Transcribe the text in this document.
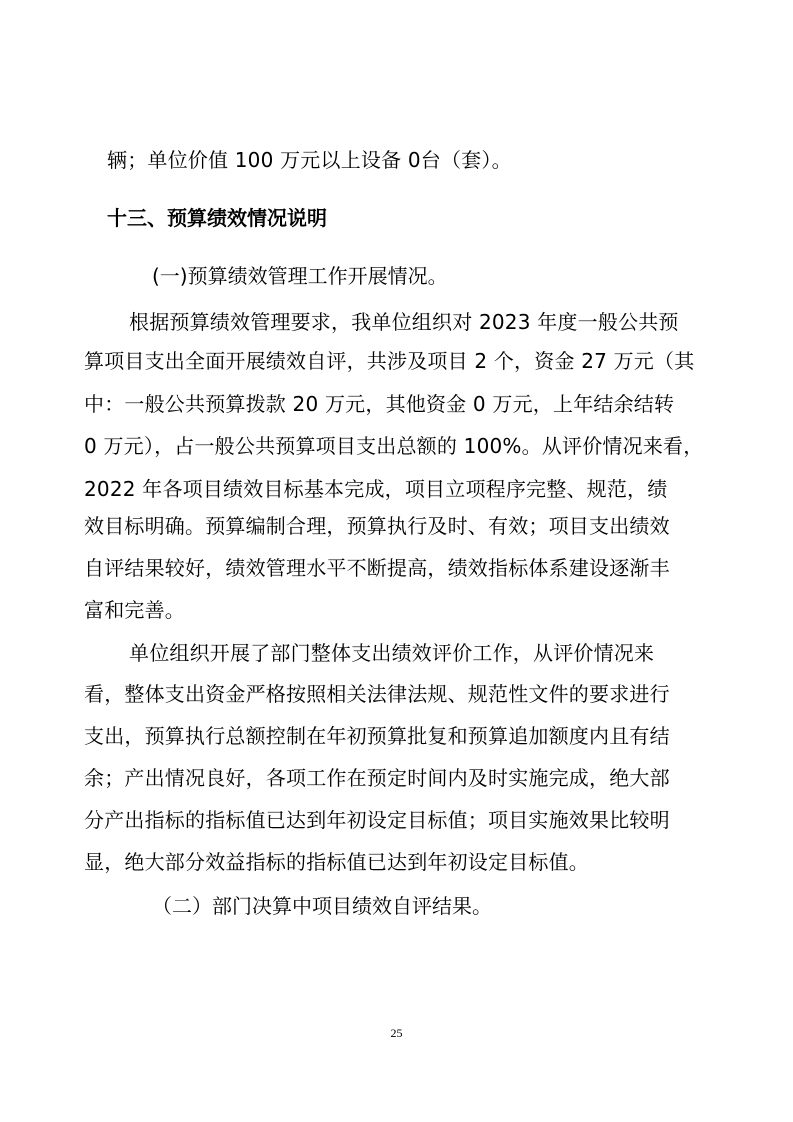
辆；单位价值 100 万元以上设备 0台（套）。
十三、预算绩效情况说明
(一)预算绩效管理工作开展情况。
根据预算绩效管理要求，我单位组织对 2023 年度一般公共预
算项目支出全面开展绩效自评，共涉及项目 2 个，资金 27 万元（其
中：一般公共预算拨款 20 万元，其他资金 0 万元，上年结余结转
0 万元），占一般公共预算项目支出总额的 100%。从评价情况来看，
2022 年各项目绩效目标基本完成，项目立项程序完整、规范，绩
效目标明确。预算编制合理，预算执行及时、有效；项目支出绩效
自评结果较好，绩效管理水平不断提高，绩效指标体系建设逐渐丰
富和完善。
单位组织开展了部门整体支出绩效评价工作，从评价情况来
看，整体支出资金严格按照相关法律法规、规范性文件的要求进行
支出，预算执行总额控制在年初预算批复和预算追加额度内且有结
余；产出情况良好，各项工作在预定时间内及时实施完成，绝大部
分产出指标的指标值已达到年初设定目标值；项目实施效果比较明
显，绝大部分效益指标的指标值已达到年初设定目标值。
（二）部门决算中项目绩效自评结果。
25
